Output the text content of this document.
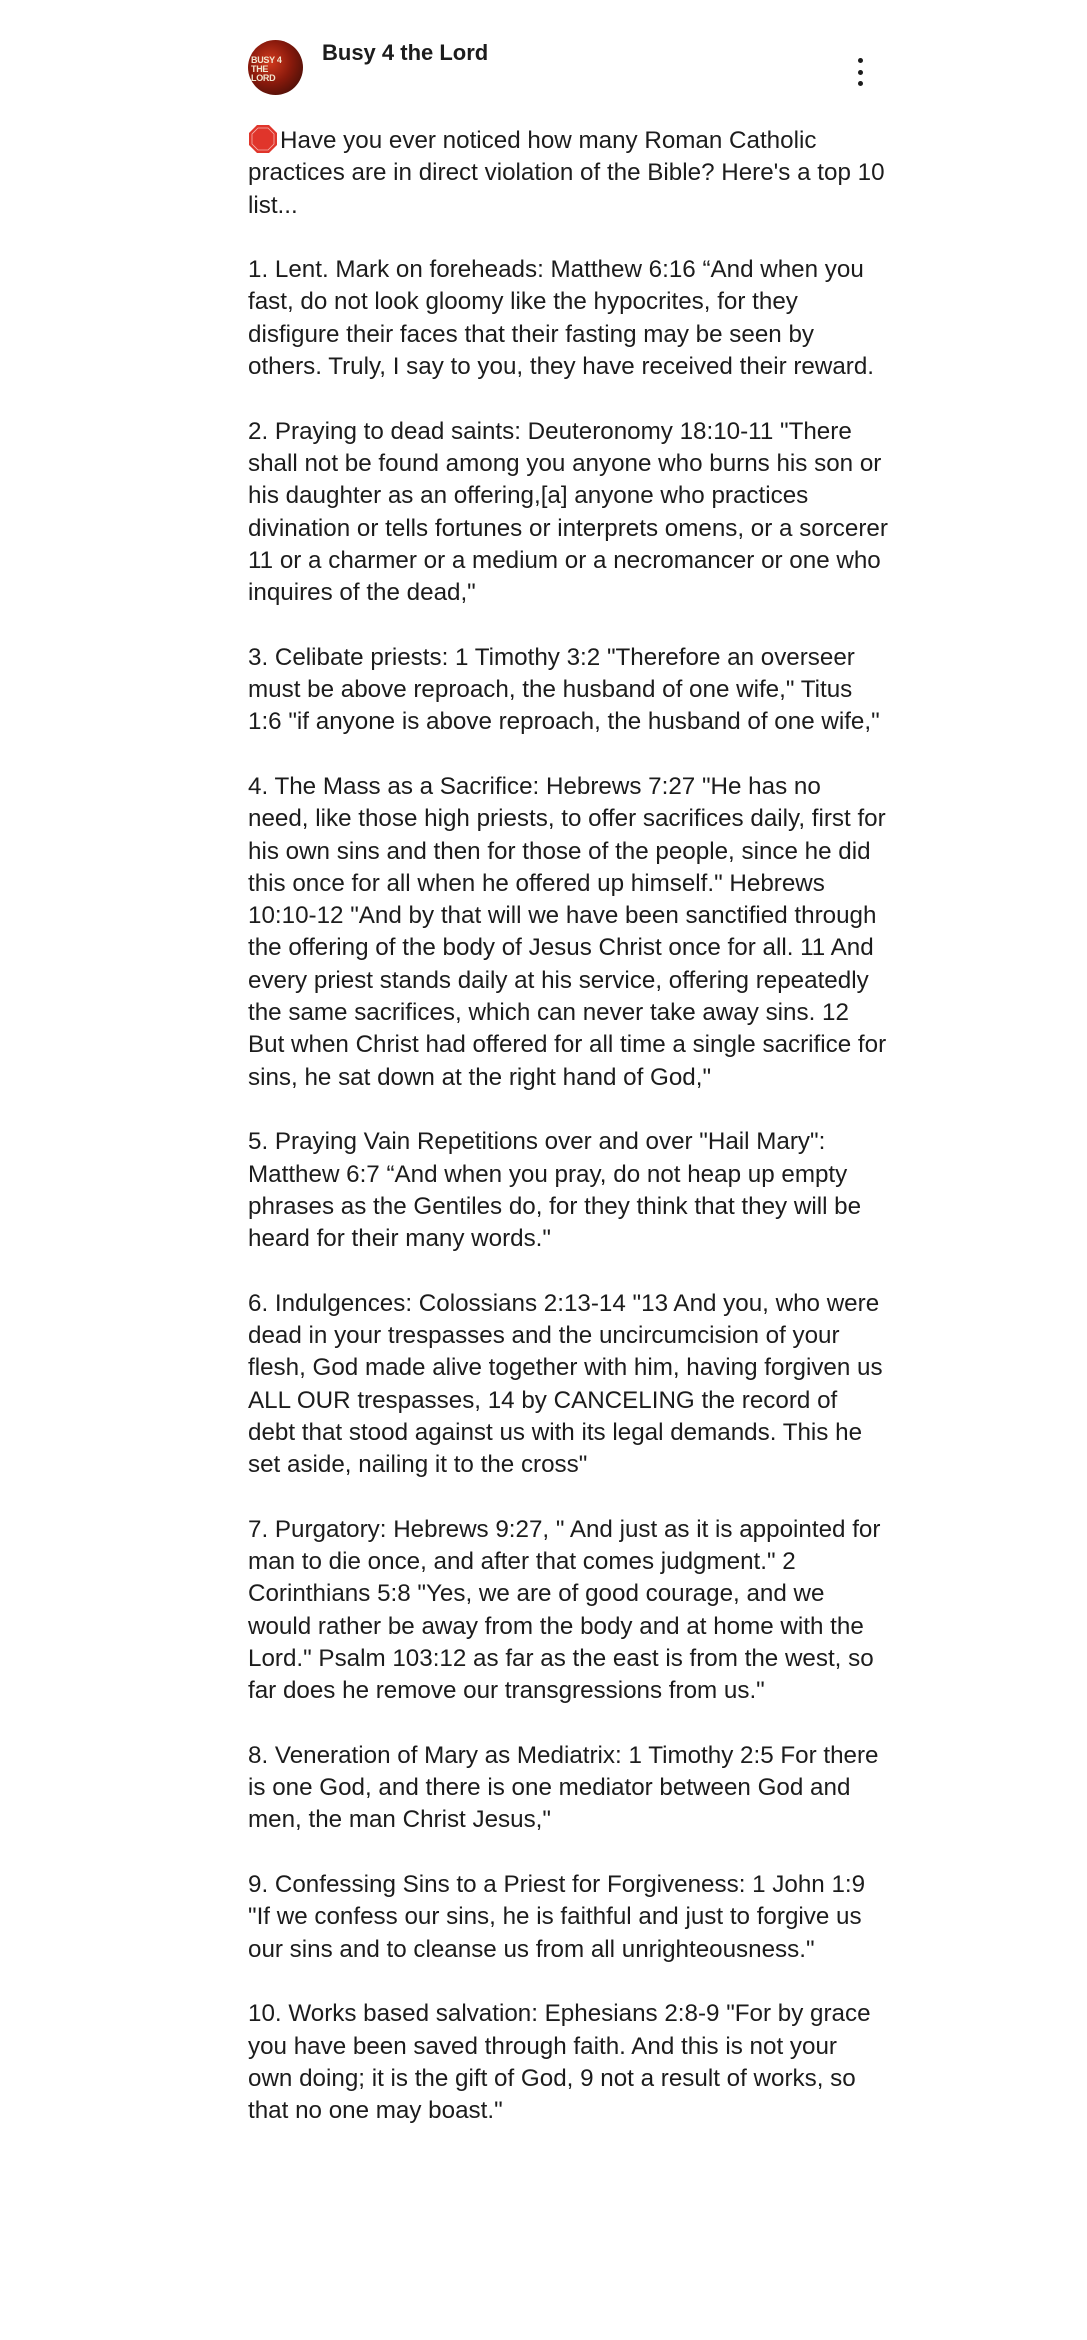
BUSY 4 THE LORD
Busy 4 the Lord

Have you ever noticed how many Roman Catholic practices are in direct violation of the Bible? Here's a top 10 list...

1. Lent. Mark on foreheads: Matthew 6:16 “And when you fast, do not look gloomy like the hypocrites, for they disfigure their faces that their fasting may be seen by others. Truly, I say to you, they have received their reward.

2. Praying to dead saints: Deuteronomy 18:10-11 "There shall not be found among you anyone who burns his son or his daughter as an offering,[a] anyone who practices divination or tells fortunes or interprets omens, or a sorcerer 11 or a charmer or a medium or a necromancer or one who inquires of the dead,"

3. Celibate priests: 1 Timothy 3:2 "Therefore an overseer must be above reproach, the husband of one wife," Titus 1:6 "if anyone is above reproach, the husband of one wife,"

4. The Mass as a Sacrifice: Hebrews 7:27 "He has no need, like those high priests, to offer sacrifices daily, first for his own sins and then for those of the people, since he did this once for all when he offered up himself." Hebrews 10:10-12 "And by that will we have been sanctified through the offering of the body of Jesus Christ once for all. 11 And every priest stands daily at his service, offering repeatedly the same sacrifices, which can never take away sins. 12 But when Christ had offered for all time a single sacrifice for sins, he sat down at the right hand of God,"

5. Praying Vain Repetitions over and over "Hail Mary": Matthew 6:7 “And when you pray, do not heap up empty phrases as the Gentiles do, for they think that they will be heard for their many words."

6. Indulgences: Colossians 2:13-14 "13 And you, who were dead in your trespasses and the uncircumcision of your flesh, God made alive together with him, having forgiven us ALL OUR trespasses, 14 by CANCELING the record of debt that stood against us with its legal demands. This he set aside, nailing it to the cross"

7. Purgatory: Hebrews 9:27, " And just as it is appointed for man to die once, and after that comes judgment." 2 Corinthians 5:8 "Yes, we are of good courage, and we would rather be away from the body and at home with the Lord." Psalm 103:12 as far as the east is from the west, so far does he remove our transgressions from us."

8. Veneration of Mary as Mediatrix: 1 Timothy 2:5 For there is one God, and there is one mediator between God and men, the man Christ Jesus,"

9. Confessing Sins to a Priest for Forgiveness: 1 John 1:9 "If we confess our sins, he is faithful and just to forgive us our sins and to cleanse us from all unrighteousness."

10. Works based salvation: Ephesians 2:8-9 "For by grace you have been saved through faith. And this is not your own doing; it is the gift of God, 9 not a result of works, so that no one may boast."
